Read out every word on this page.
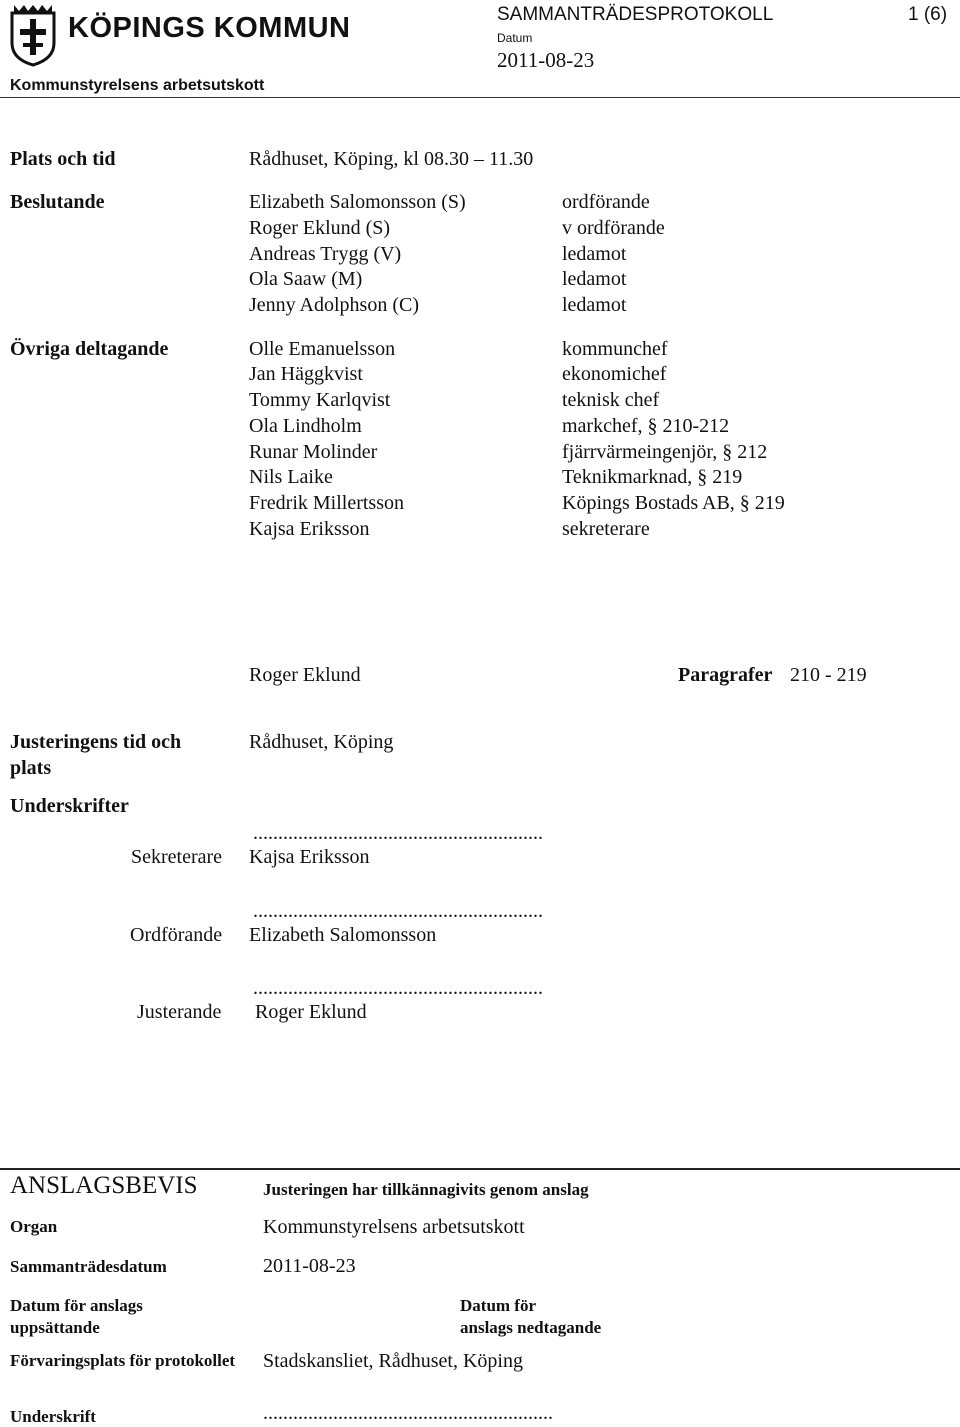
KÖPINGS KOMMUN	SAMMANTRÄDESPROTOKOLL	1 (6)
Datum
2011-08-23
Kommunstyrelsens arbetsutskott
Plats och tid	Rådhuset, Köping, kl 08.30 – 11.30
Beslutande	Elizabeth Salomonsson (S)	ordförande
Roger Eklund (S)	v ordförande
Andreas Trygg (V)	ledamot
Ola Saaw (M)	ledamot
Jenny Adolphson (C)	ledamot
Övriga deltagande	Olle Emanuelsson	kommunchef
Jan Häggkvist	ekonomichef
Tommy Karlqvist	teknisk chef
Ola Lindholm	markchef, § 210-212
Runar Molinder	fjärrvärmeingenjör, § 212
Nils Laike	Teknikmarknad, § 219
Fredrik Millertsson	Köpings Bostads AB, § 219
Kajsa Eriksson	sekreterare
Roger Eklund	Paragrafer 210 - 219
Justeringens tid och
plats
Rådhuset, Köping
Underskrifter
..........................................................
Sekreterare Kajsa Eriksson
..........................................................
Ordförande Elizabeth Salomonsson
..........................................................
Justerande Roger Eklund
ANSLAGSBEVIS	Justeringen har tillkännagivits genom anslag
Organ	Kommunstyrelsens arbetsutskott
Sammanträdesdatum	2011-08-23
Datum för anslags
uppsättande
Datum för
anslags nedtagande
Förvaringsplats för protokollet Stadskansliet, Rådhuset, Köping
Underskrift	..........................................................
